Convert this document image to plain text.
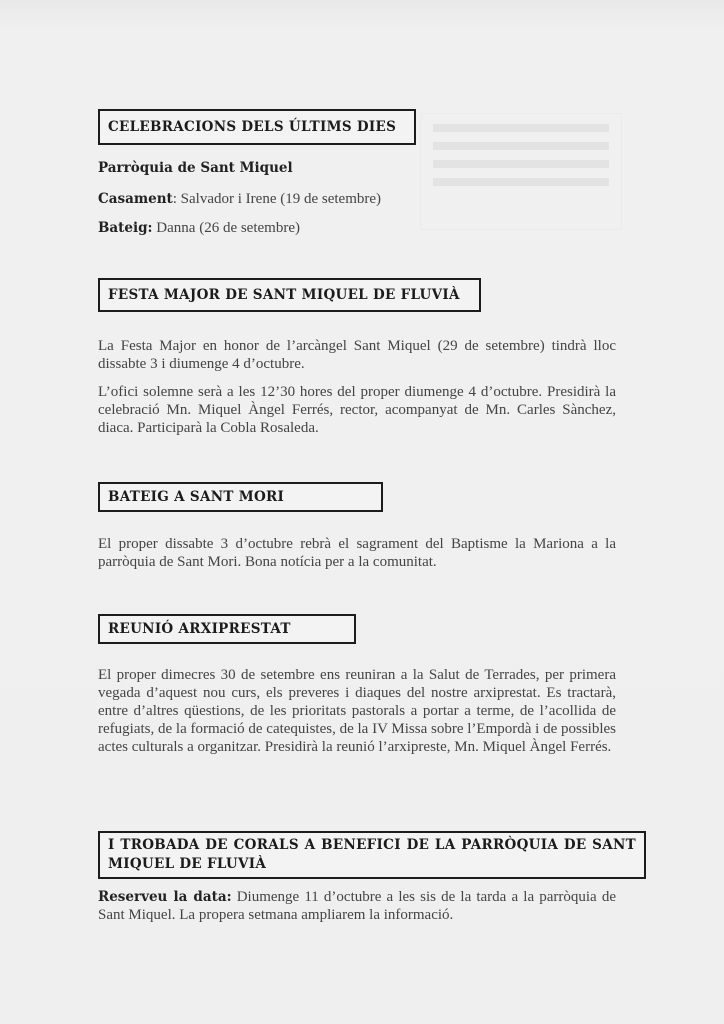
CELEBRACIONS DELS ÚLTIMS DIES
Parròquia de Sant Miquel
Casament: Salvador i Irene (19 de setembre)
Bateig: Danna (26 de setembre)
FESTA MAJOR DE SANT MIQUEL DE FLUVIÀ
La Festa Major en honor de l’arcàngel Sant Miquel (29 de setembre) tindrà lloc dissabte 3 i diumenge 4 d’octubre.
L’ofici solemne serà a les 12’30 hores del proper diumenge 4 d’octubre. Presidirà la celebració Mn. Miquel Àngel Ferrés, rector, acompanyat de Mn. Carles Sànchez, diaca. Participarà la Cobla Rosaleda.
BATEIG A SANT MORI
El proper dissabte 3 d’octubre rebrà el sagrament del Baptisme la Mariona a la parròquia de Sant Mori. Bona notícia per a la comunitat.
REUNIÓ ARXIPRESTAT
El proper dimecres 30 de setembre ens reuniran a la Salut de Terrades, per primera vegada d’aquest nou curs, els preveres i diaques del nostre arxiprestat. Es tractarà, entre d’altres qüestions, de les prioritats pastorals a portar a terme, de l’acollida de refugiats, de la formació de catequistes, de la IV Missa sobre l’Empordà i de possibles actes culturals a organitzar. Presidirà la reunió l’arxipreste, Mn. Miquel Àngel Ferrés.
I TROBADA DE CORALS A BENEFICI DE LA PARRÒQUIA DE SANT MIQUEL DE FLUVIÀ
Reserveu la data: Diumenge 11 d’octubre a les sis de la tarda a la parròquia de Sant Miquel. La propera setmana ampliarem la informació.
